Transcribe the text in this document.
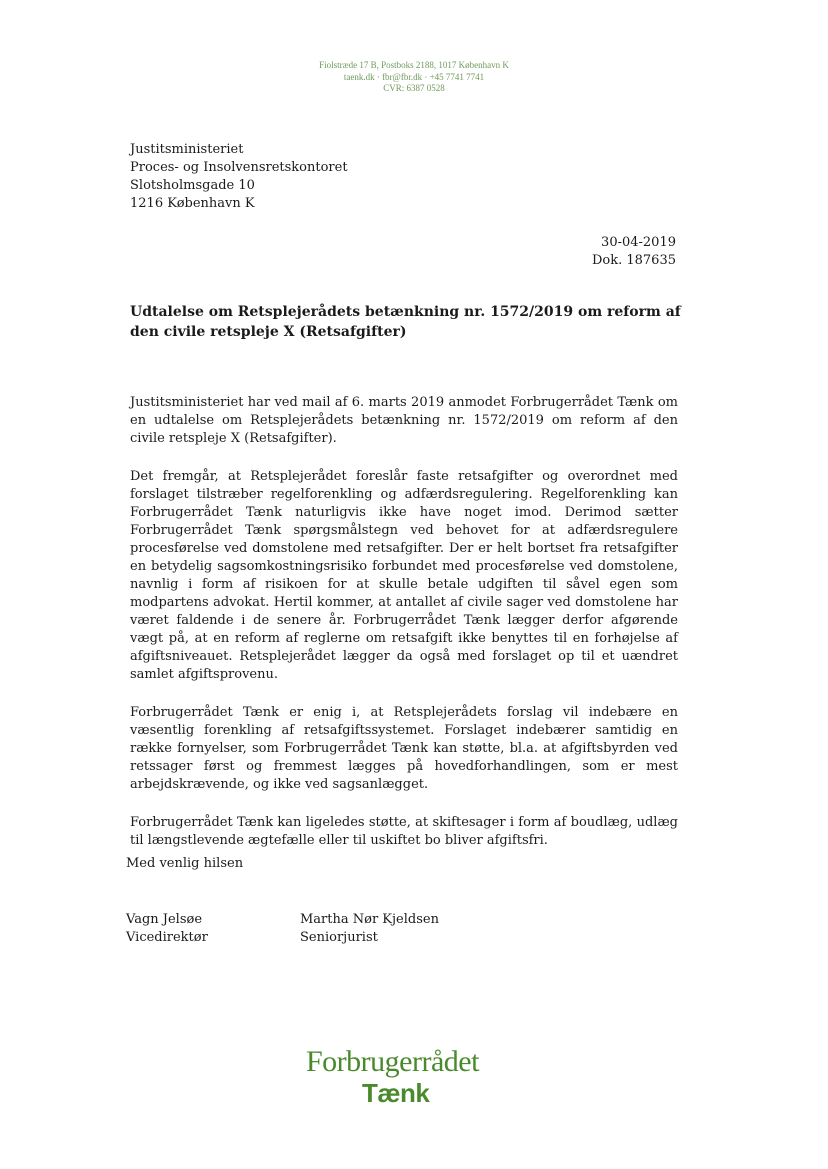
Fiolstræde 17 B, Postboks 2188, 1017 København K
taenk.dk · fbr@fbr.dk · +45 7741 7741
CVR: 6387 0528
Justitsministeriet
Proces- og Insolvensretskontoret
Slotsholmsgade 10
1216 København K
30-04-2019
Dok. 187635
Udtalelse om Retsplejerådets betænkning nr. 1572/2019 om reform af den civile retspleje X (Retsafgifter)

Justitsministeriet har ved mail af 6. marts 2019 anmodet Forbrugerrådet Tænk om en udtalelse om Retsplejerådets betænkning nr. 1572/2019 om reform af den civile retspleje X (Retsafgifter).

Det fremgår, at Retsplejerådet foreslår faste retsafgifter og overordnet med forslaget tilstræber regelforenkling og adfærdsregulering. Regelforenkling kan Forbrugerrådet Tænk naturligvis ikke have noget imod. Derimod sætter Forbrugerrådet Tænk spørgsmålstegn ved behovet for at adfærdsregulere procesførelse ved domstolene med retsafgifter. Der er helt bortset fra retsafgifter en betydelig sagsomkostningsrisiko forbundet med procesførelse ved domstolene, navnlig i form af risikoen for at skulle betale udgiften til såvel egen som modpartens advokat. Hertil kommer, at antallet af civile sager ved domstolene har været faldende i de senere år. Forbrugerrådet Tænk lægger derfor afgørende vægt på, at en reform af reglerne om retsafgift ikke benyttes til en forhøjelse af afgiftsniveauet. Retsplejerådet lægger da også med forslaget op til et uændret samlet afgiftsprovenu.

Forbrugerrådet Tænk er enig i, at Retsplejerådets forslag vil indebære en væsentlig forenkling af retsafgiftssystemet. Forslaget indebærer samtidig en række fornyelser, som Forbrugerrådet Tænk kan støtte, bl.a. at afgiftsbyrden ved retssager først og fremmest lægges på hovedforhandlingen, som er mest arbejdskrævende, og ikke ved sagsanlægget.

Forbrugerrådet Tænk kan ligeledes støtte, at skiftesager i form af boudlæg, udlæg til længstlevende ægtefælle eller til uskiftet bo bliver afgiftsfri.

Med venlig hilsen
Vagn Jelsøe
Vicedirektør
Martha Nør Kjeldsen
Seniorjurist
Forbrugerrådet
Tænk
